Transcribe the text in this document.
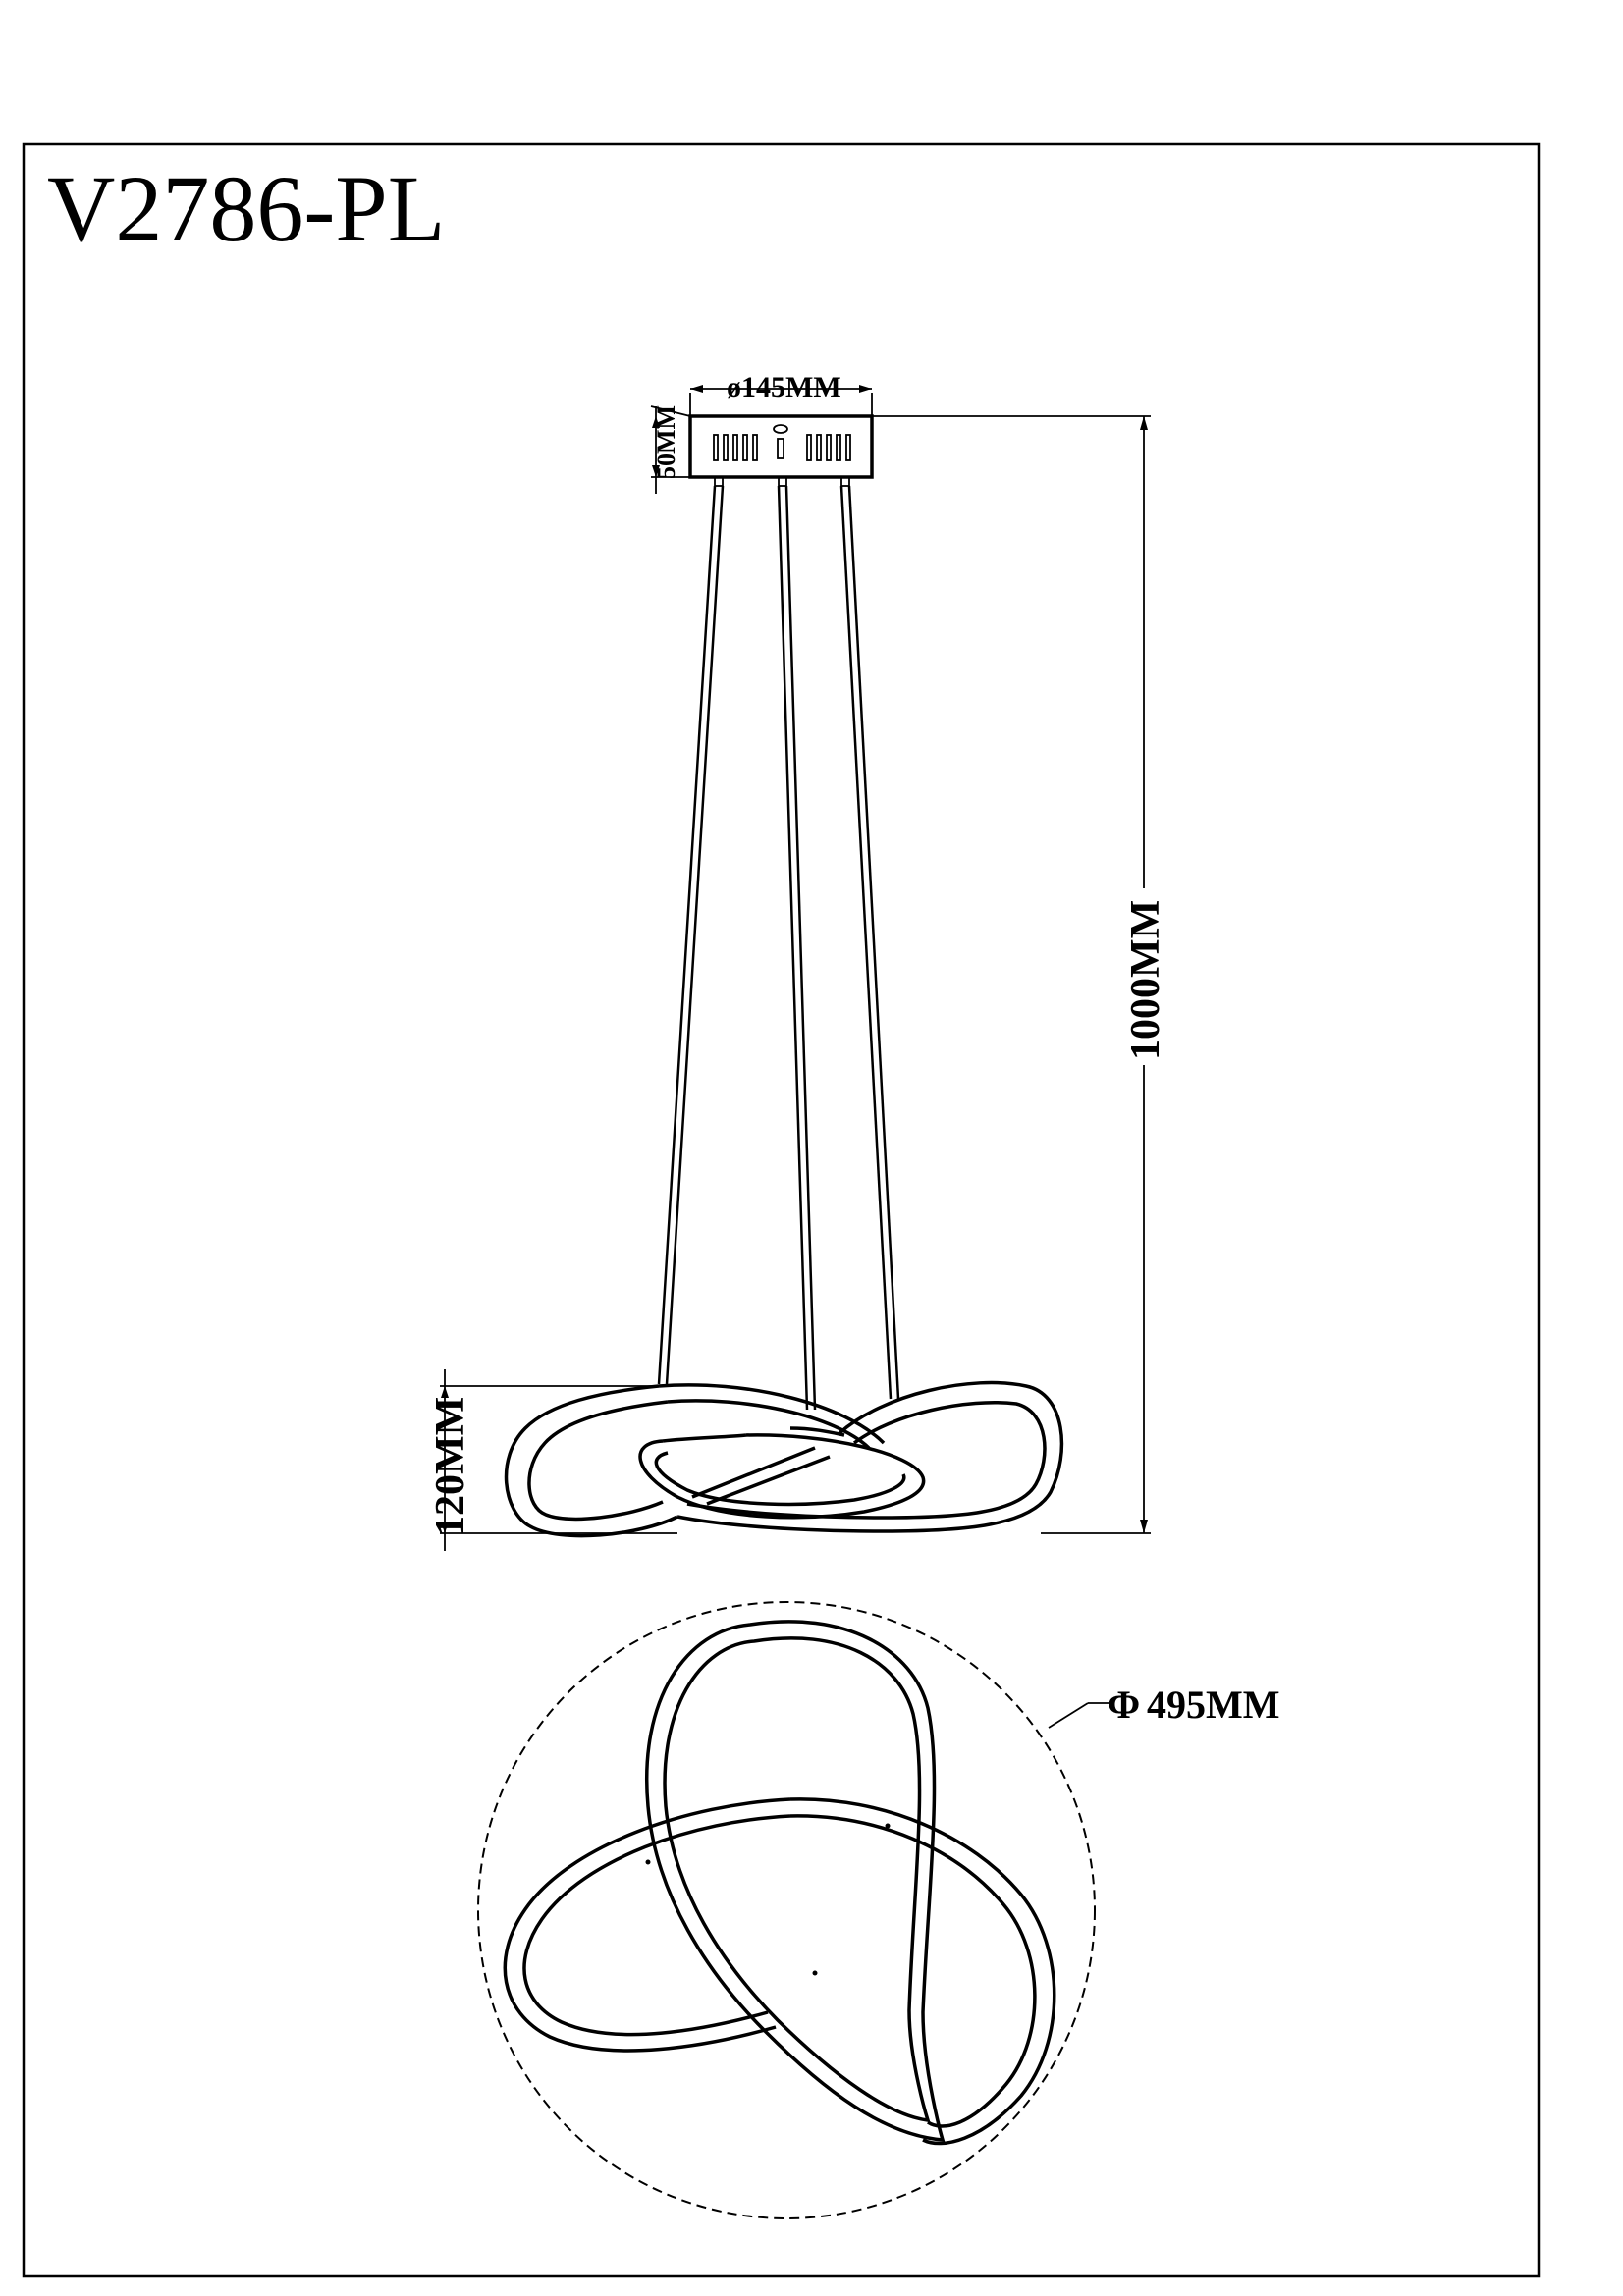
V2786-PL
ø145MM
50MM
1000MM
120MM
Φ 495MM
